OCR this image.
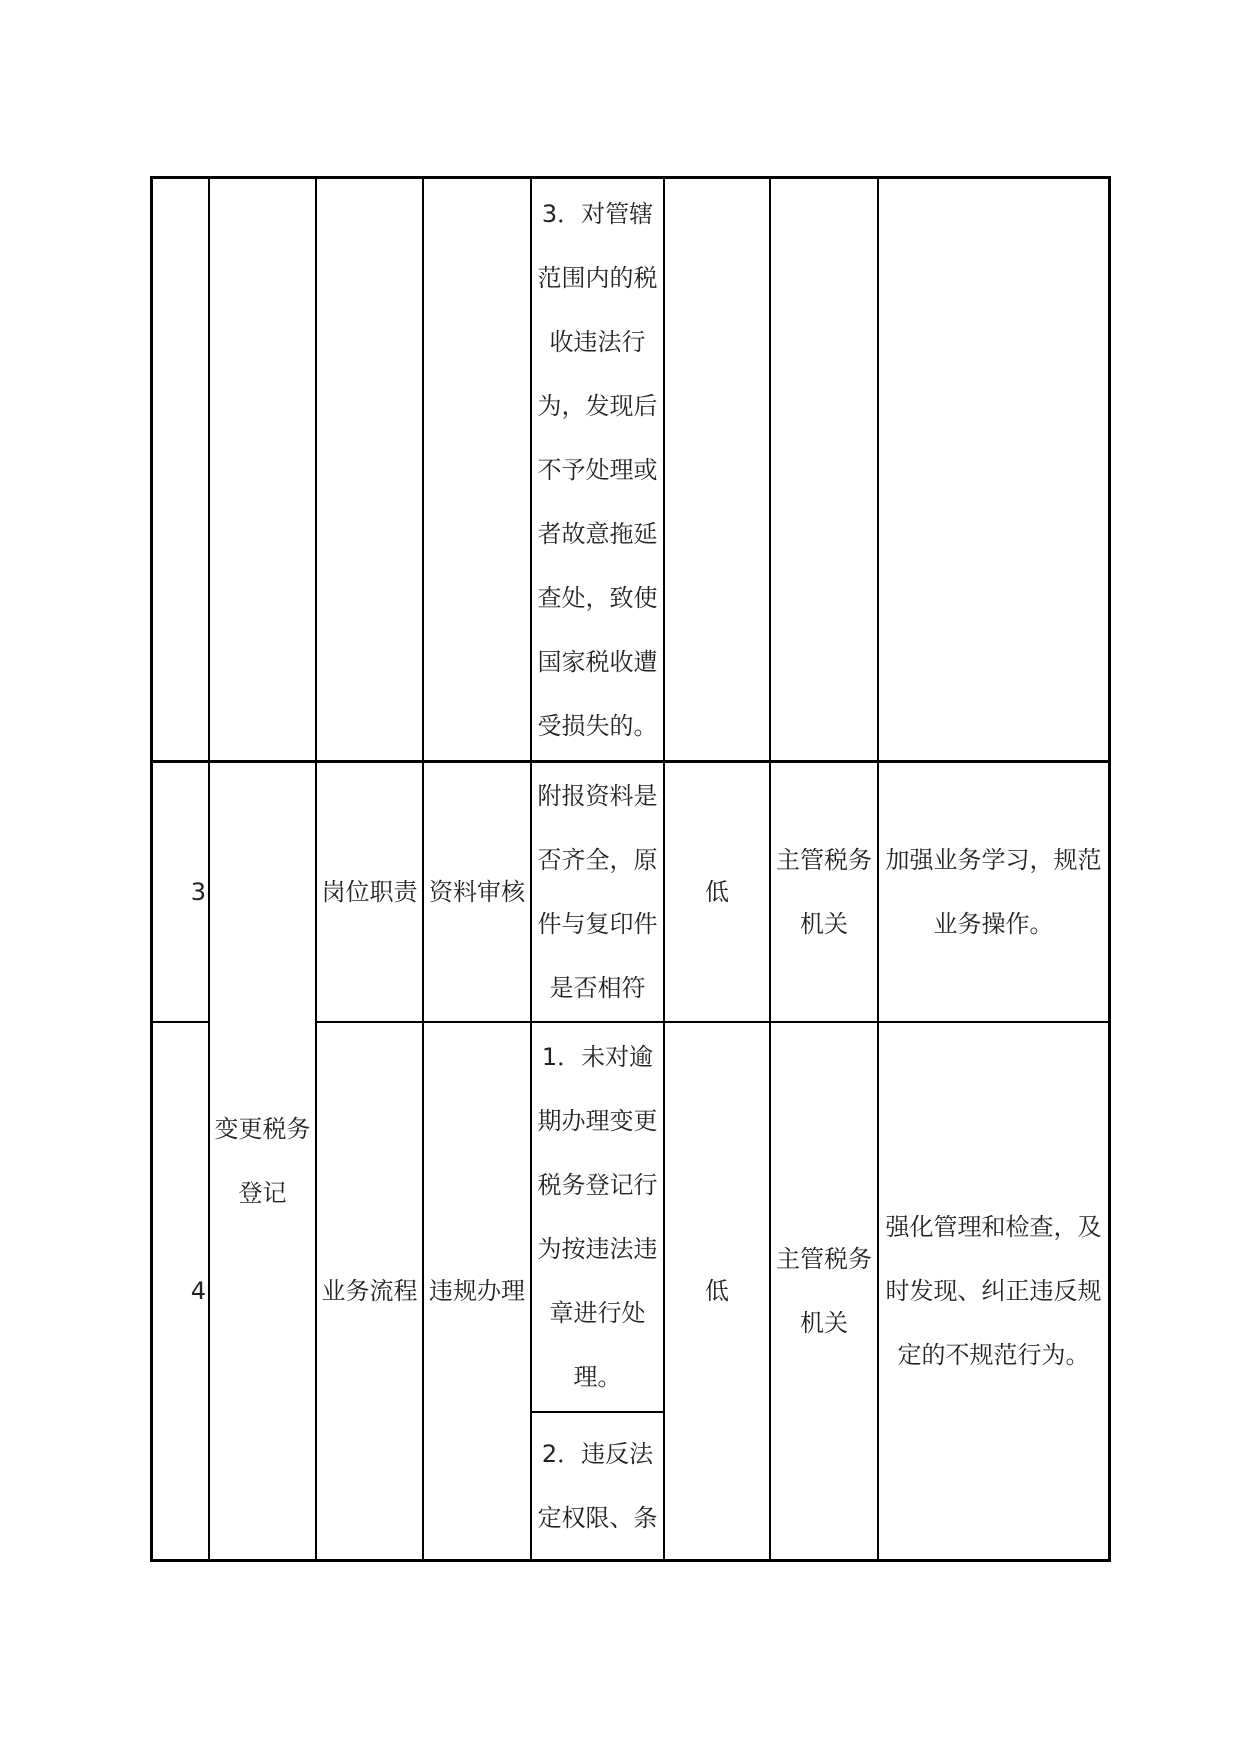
3．对管辖
范围内的税
收违法行
为，发现后
不予处理或
者故意拖延
查处，致使
国家税收遭
受损失的。
3
变更税务
登记
岗位职责 资料审核
附报资料是
否齐全，原
件与复印件
是否相符
低
主管税务
机关
加强业务学习，规范
业务操作。
4	业务流程 违规办理
1．未对逾
期办理变更
税务登记行
为按违法违
章进行处
理。
2．违反法
定权限、条
低
主管税务
机关
强化管理和检查，及
时发现、纠正违反规
定的不规范行为。
